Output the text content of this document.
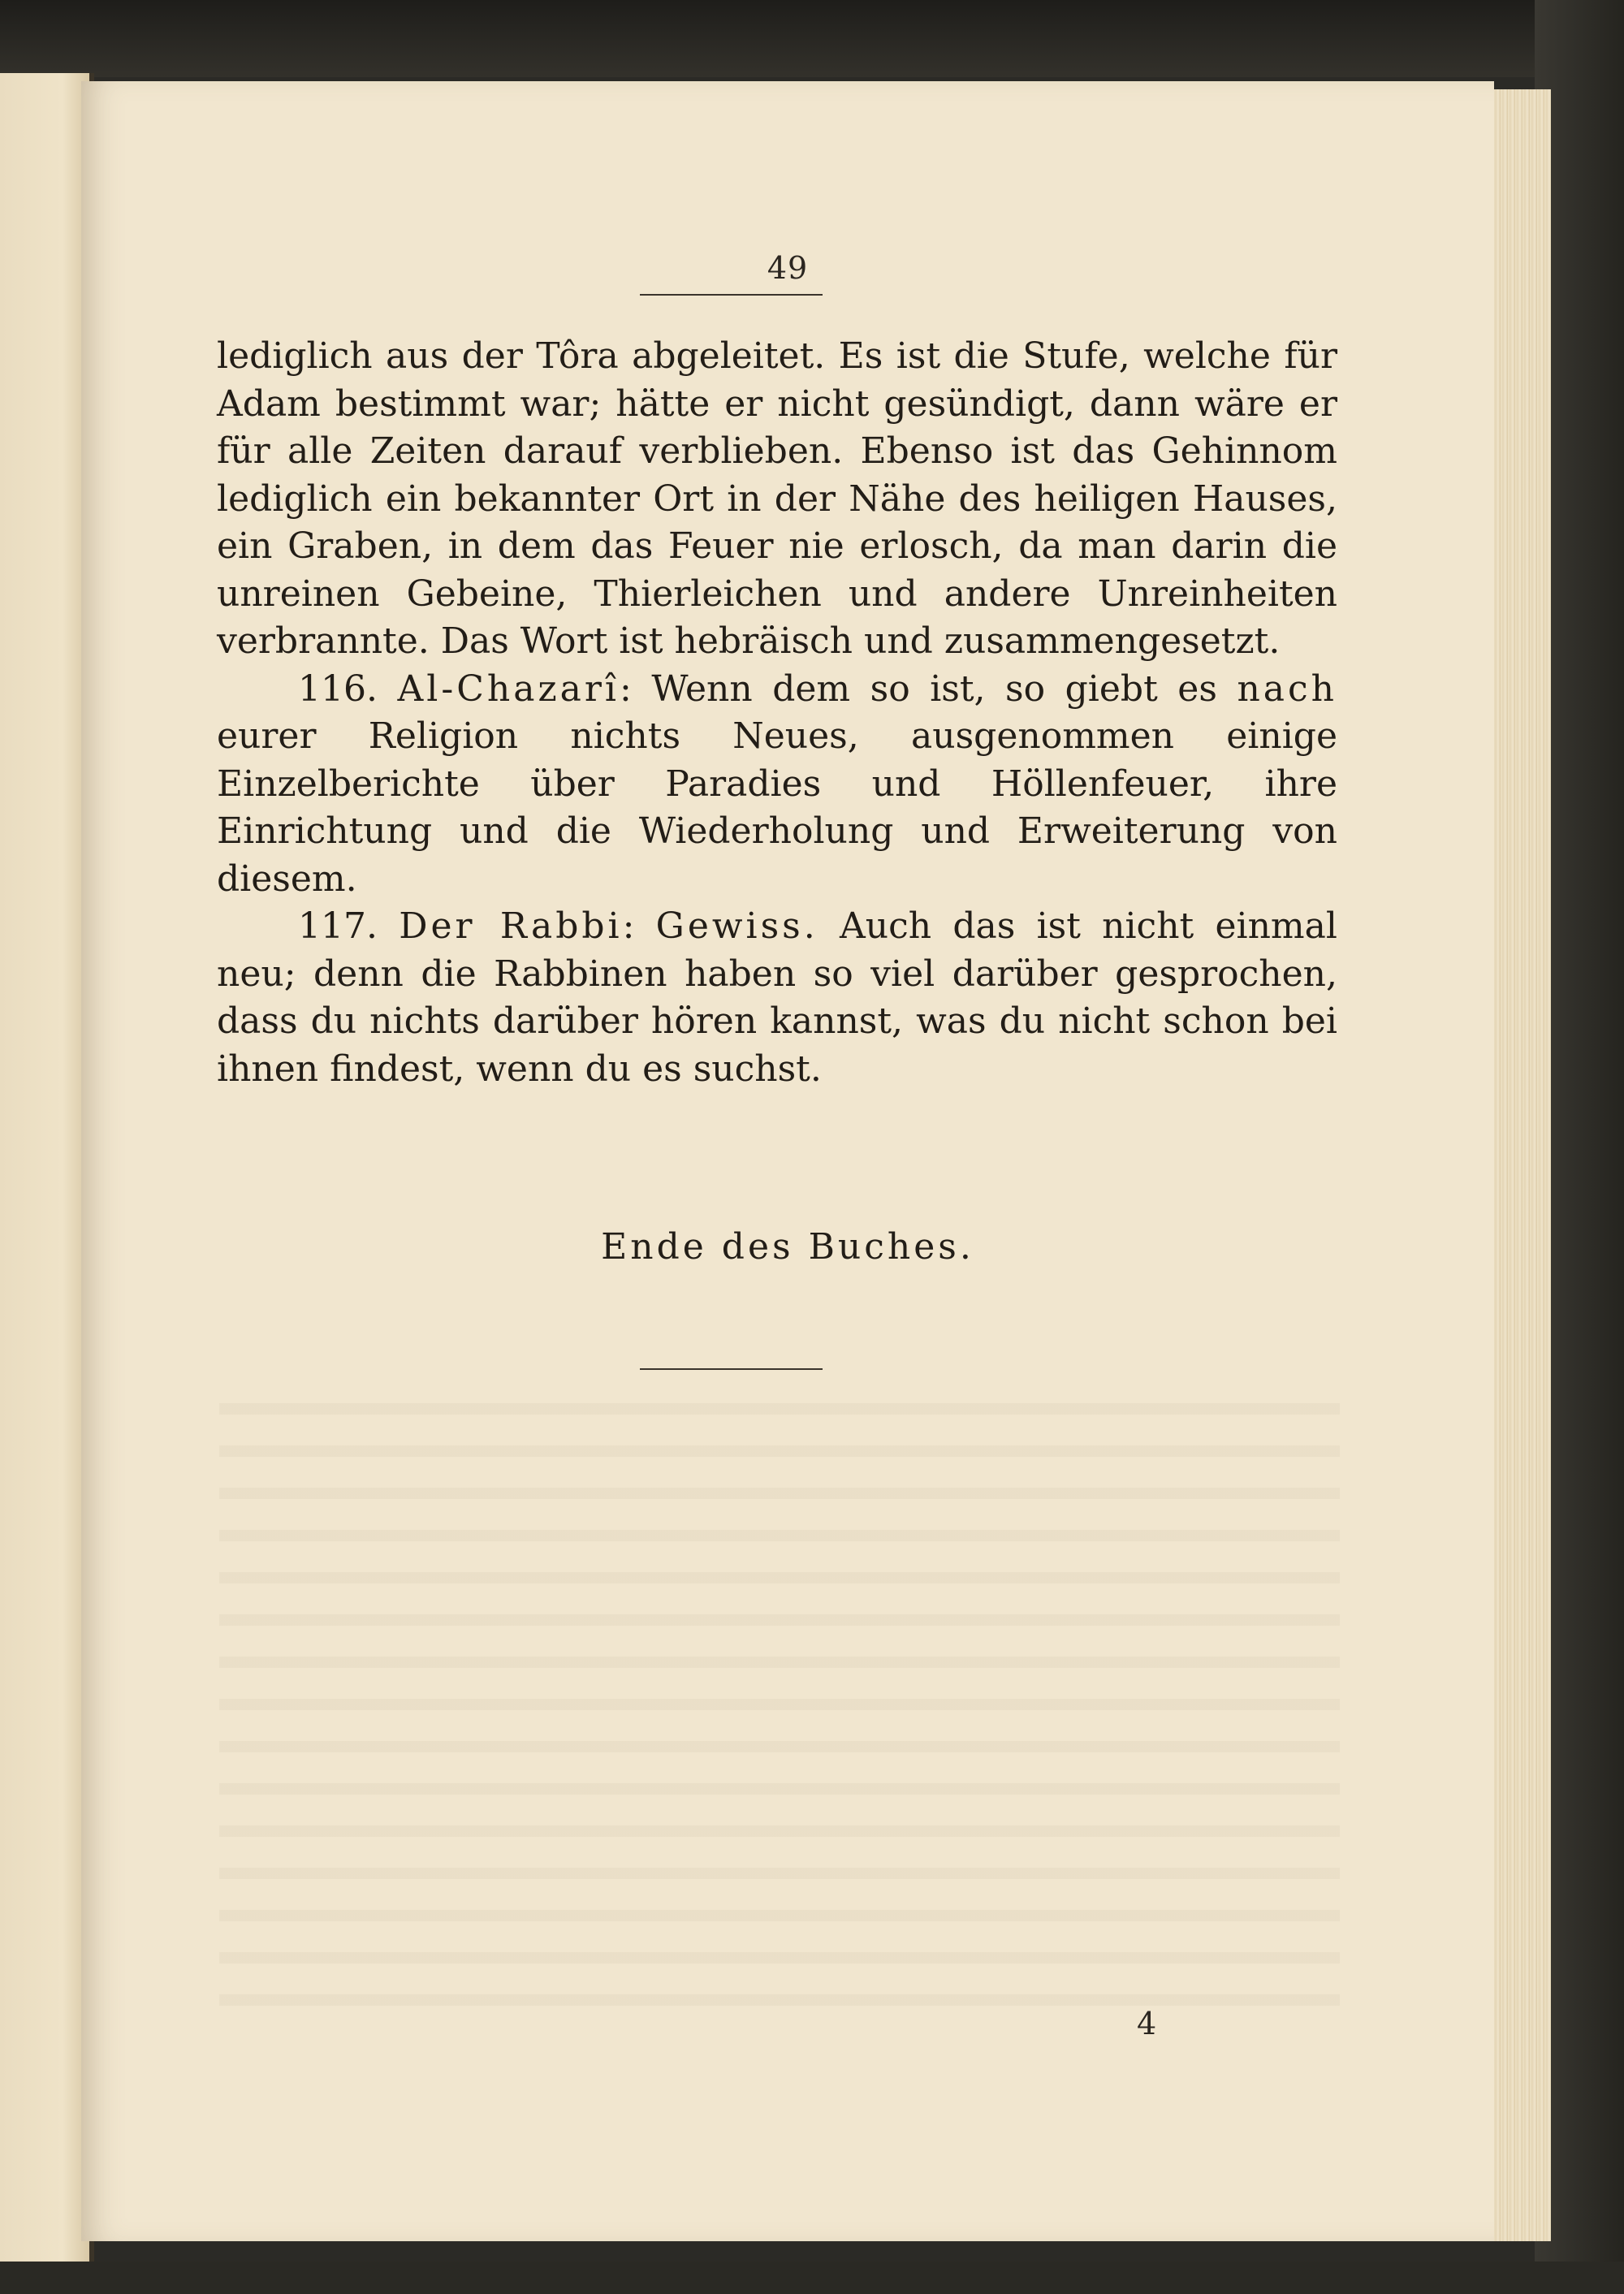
49

lediglich aus der Tôra abgeleitet. Es ist die Stufe, welche für Adam bestimmt war; hätte er nicht gesündigt, dann wäre er für alle Zeiten darauf verblieben. Ebenso ist das Gehinnom lediglich ein bekannter Ort in der Nähe des heiligen Hauses, ein Graben, in dem das Feuer nie erlosch, da man darin die unreinen Gebeine, Thierleichen und andere Unreinheiten verbrannte. Das Wort ist hebräisch und zusammengesetzt.

116. Al-Chazarî: Wenn dem so ist, so giebt es nach eurer Religion nichts Neues, ausgenommen einige Einzelberichte über Paradies und Höllenfeuer, ihre Einrichtung und die Wiederholung und Erweiterung von diesem.

117. Der Rabbi: Gewiss. Auch das ist nicht einmal neu; denn die Rabbinen haben so viel darüber gesprochen, dass du nichts darüber hören kannst, was du nicht schon bei ihnen findest, wenn du es suchst.

Ende des Buches.
4
